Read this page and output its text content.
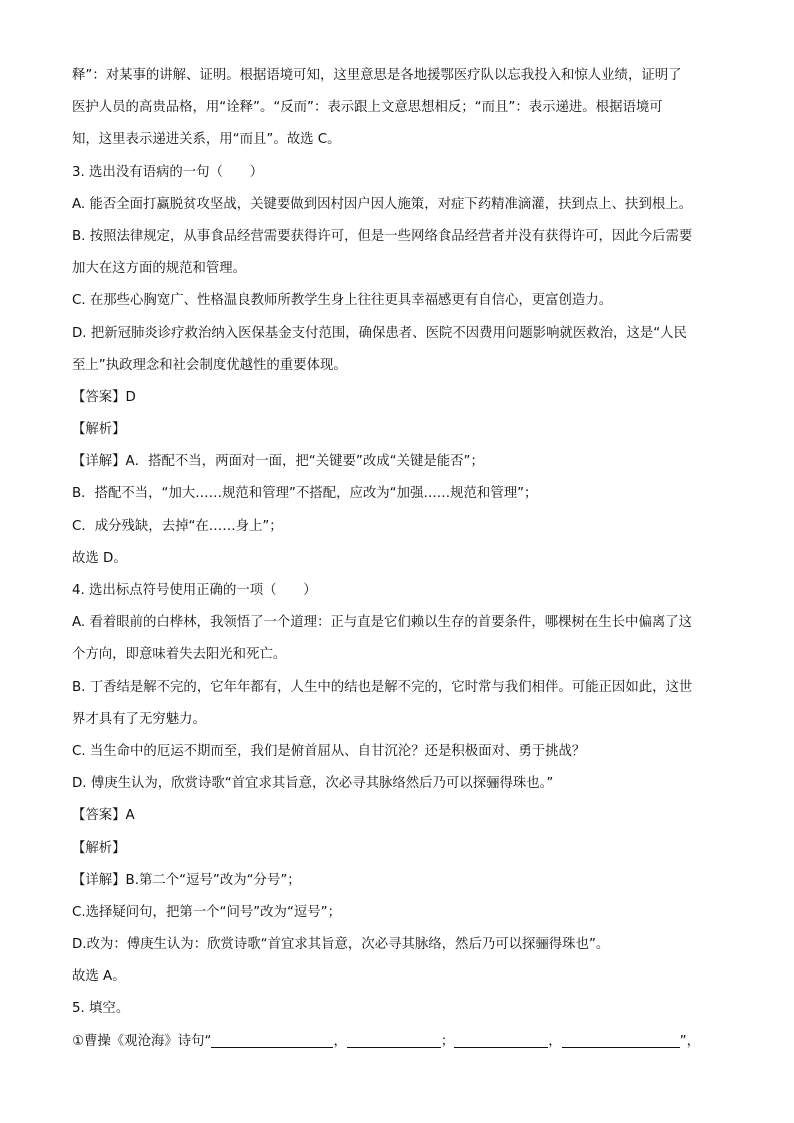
释”：对某事的讲解、证明。根据语境可知，这里意思是各地援鄂医疗队以忘我投入和惊人业绩，证明了
医护人员的高贵品格，用“诠释”。“反而”：表示跟上文意思想相反；“而且”：表示递进。根据语境可
知，这里表示递进关系，用“而且”。故选 C。
3. 选出没有语病的一句（　　）
A. 能否全面打赢脱贫攻坚战，关键要做到因村因户因人施策，对症下药精准滴灌，扶到点上、扶到根上。
B. 按照法律规定，从事食品经营需要获得许可，但是一些网络食品经营者并没有获得许可，因此今后需要
加大在这方面的规范和管理。
C. 在那些心胸宽广、性格温良教师所教学生身上往往更具幸福感更有自信心，更富创造力。
D. 把新冠肺炎诊疗救治纳入医保基金支付范围，确保患者、医院不因费用问题影响就医救治，这是“人民
至上”执政理念和社会制度优越性的重要体现。
【答案】D
【解析】
【详解】A．搭配不当，两面对一面，把“关键要”改成“关键是能否”；
B．搭配不当，“加大……规范和管理”不搭配，应改为“加强……规范和管理”；
C．成分残缺，去掉“在……身上”；
故选 D。
4. 选出标点符号使用正确的一项（　　）
A. 看着眼前的白桦林，我领悟了一个道理：正与直是它们赖以生存的首要条件，哪棵树在生长中偏离了这
个方向，即意味着失去阳光和死亡。
B. 丁香结是解不完的，它年年都有，人生中的结也是解不完的，它时常与我们相伴。可能正因如此，这世
界才具有了无穷魅力。
C. 当生命中的厄运不期而至，我们是俯首屈从、自甘沉沦？还是积极面对、勇于挑战？
D. 傅庚生认为，欣赏诗歌“首宜求其旨意，次必寻其脉络然后乃可以探骊得珠也。”
【答案】A
【解析】
【详解】B.第二个“逗号”改为“分号”；
C.选择疑问句，把第一个“问号”改为“逗号”；
D.改为：傅庚生认为：欣赏诗歌“首宜求其旨意，次必寻其脉络，然后乃可以探骊得珠也”。
故选 A。
5. 填空。
①曹操《观沧海》诗句“	，	；	，	”，
